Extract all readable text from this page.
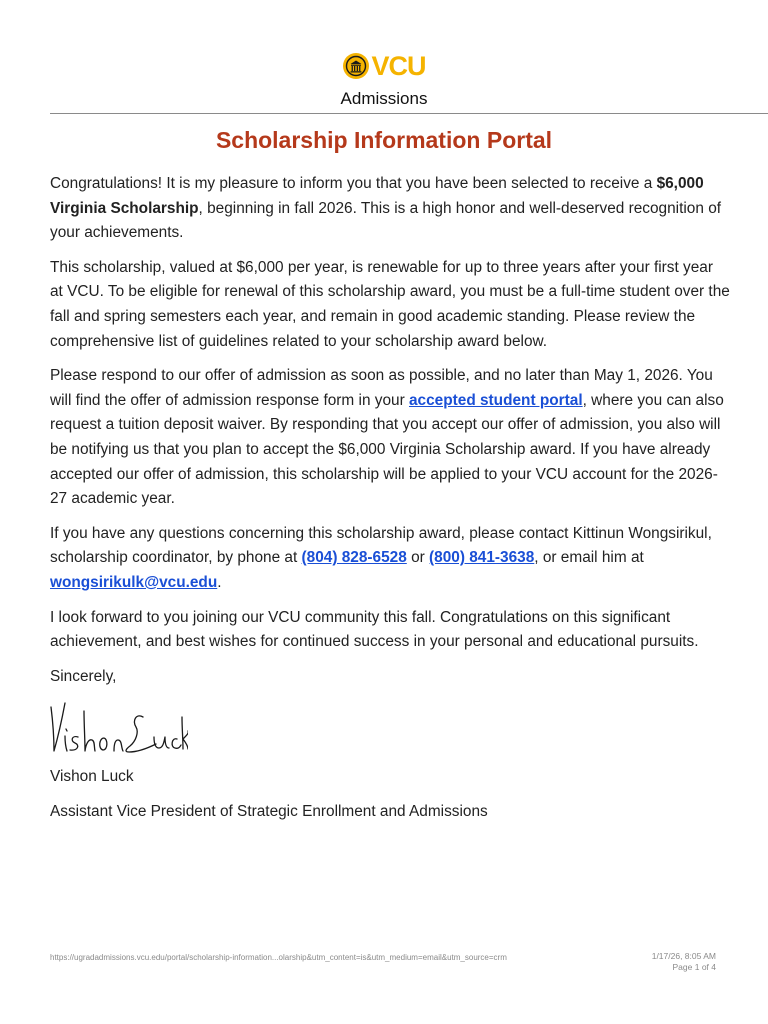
VCU
Admissions
Scholarship Information Portal

Congratulations! It is my pleasure to inform you that you have been selected to receive a $6,000 Virginia Scholarship, beginning in fall 2026. This is a high honor and well-deserved recognition of your achievements.

This scholarship, valued at $6,000 per year, is renewable for up to three years after your first year at VCU. To be eligible for renewal of this scholarship award, you must be a full-time student over the fall and spring semesters each year, and remain in good academic standing. Please review the comprehensive list of guidelines related to your scholarship award below.

Please respond to our offer of admission as soon as possible, and no later than May 1, 2026. You will find the offer of admission response form in your accepted student portal, where you can also request a tuition deposit waiver. By responding that you accept our offer of admission, you also will be notifying us that you plan to accept the $6,000 Virginia Scholarship award. If you have already accepted our offer of admission, this scholarship will be applied to your VCU account for the 2026-27 academic year.

If you have any questions concerning this scholarship award, please contact Kittinun Wongsirikul, scholarship coordinator, by phone at (804) 828-6528 or (800) 841-3638, or email him at wongsirikulk@vcu.edu.

I look forward to you joining our VCU community this fall. Congratulations on this significant achievement, and best wishes for continued success in your personal and educational pursuits.

Sincerely,

Vishon Luck

Assistant Vice President of Strategic Enrollment and Admissions

https://ugradadmissions.vcu.edu/portal/scholarship-information...olarship&utm_content=is&utm_medium=email&utm_source=crm	1/17/26, 8:05 AM
Page 1 of 4
